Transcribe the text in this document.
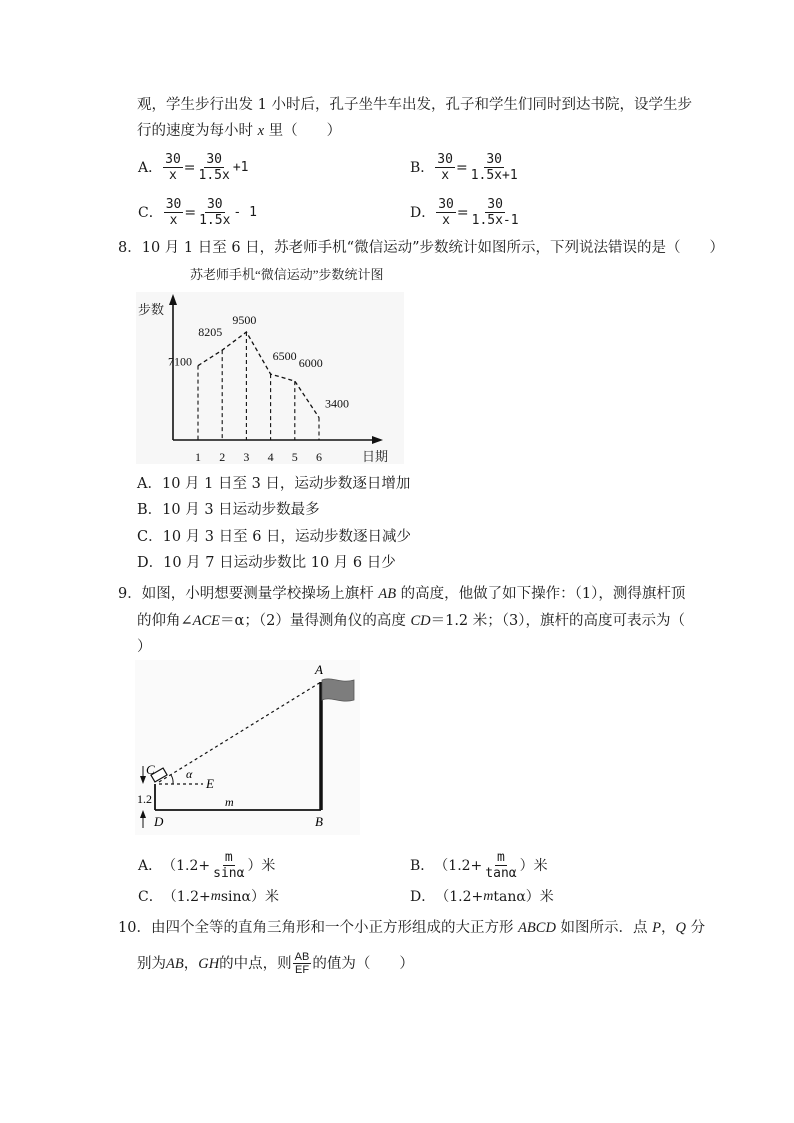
观，学生步行出发 1 小时后，孔子坐牛车出发，孔子和学生们同时到达书院，设学生步
行的速度为每小时 x 里（　　）
A． $\frac{30}{x} = \frac{30}{1.5x} +1$	B． $\frac{30}{x} = \frac{30}{1.5x+1}$
C． $\frac{30}{x} = \frac{30}{1.5x} - 1$	D． $\frac{30}{x} = \frac{30}{1.5x-1}$
8．10 月 1 日至 6 日，苏老师手机“微信运动”步数统计如图所示，下列说法错误的是（　　）
苏老师手机“微信运动”步数统计图
步数
日期
7100
1
8205
2
9500
3
6500
4
6000
5
3400
6
A．10 月 1 日至 3 日，运动步数逐日增加
B．10 月 3 日运动步数最多
C．10 月 3 日至 6 日，运动步数逐日减少
D．10 月 7 日运动步数比 10 月 6 日少
9．如图，小明想要测量学校操场上旗杆 AB 的高度，他做了如下操作：（1），测得旗杆顶
的仰角∠ACE＝α；（2）量得测角仪的高度 CD＝1.2 米；（3），旗杆的高度可表示为（
）
A
B
C
D
E
α
m
1.2
A． （$1.2+ \frac{m}{\sin\alpha}$ ）米	B． （$1.2+ \frac{m}{\tan\alpha}$ ）米
C． （1.2+ m sinα）米	D． （1.2+ m tanα）米
10．由四个全等的直角三角形和一个小正方形组成的大正方形 ABCD 如图所示．点 P，Q 分
别为 AB ， GH 的中点，则 $\frac{AB}{EF}$ 的值为（　　）
